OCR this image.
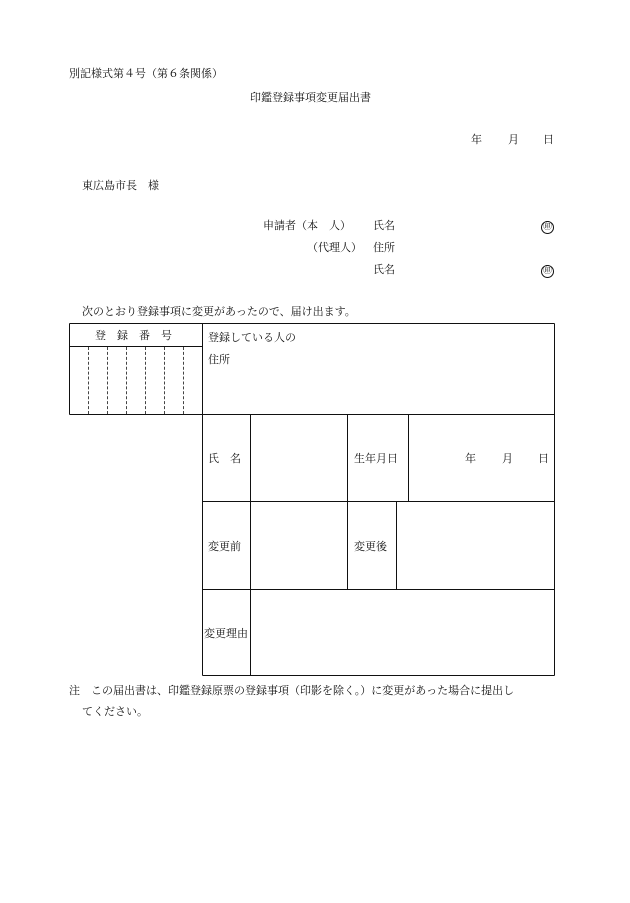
別記様式第４号（第６条関係）
印鑑登録事項変更届出書
年 月 日
東広島市長　様
申請者（本　人） 氏名	㊞
（代理人） 住所
氏名	㊞
次のとおり登録事項に変更があったので、届け出ます。
登　録　番　号	登録している人の
住所
氏　名	生年月日	年 月 日
変更前	変更後
変更理由
注　この届出書は、印鑑登録原票の登録事項（印影を除く。）に変更があった場合に提出し
てください。
